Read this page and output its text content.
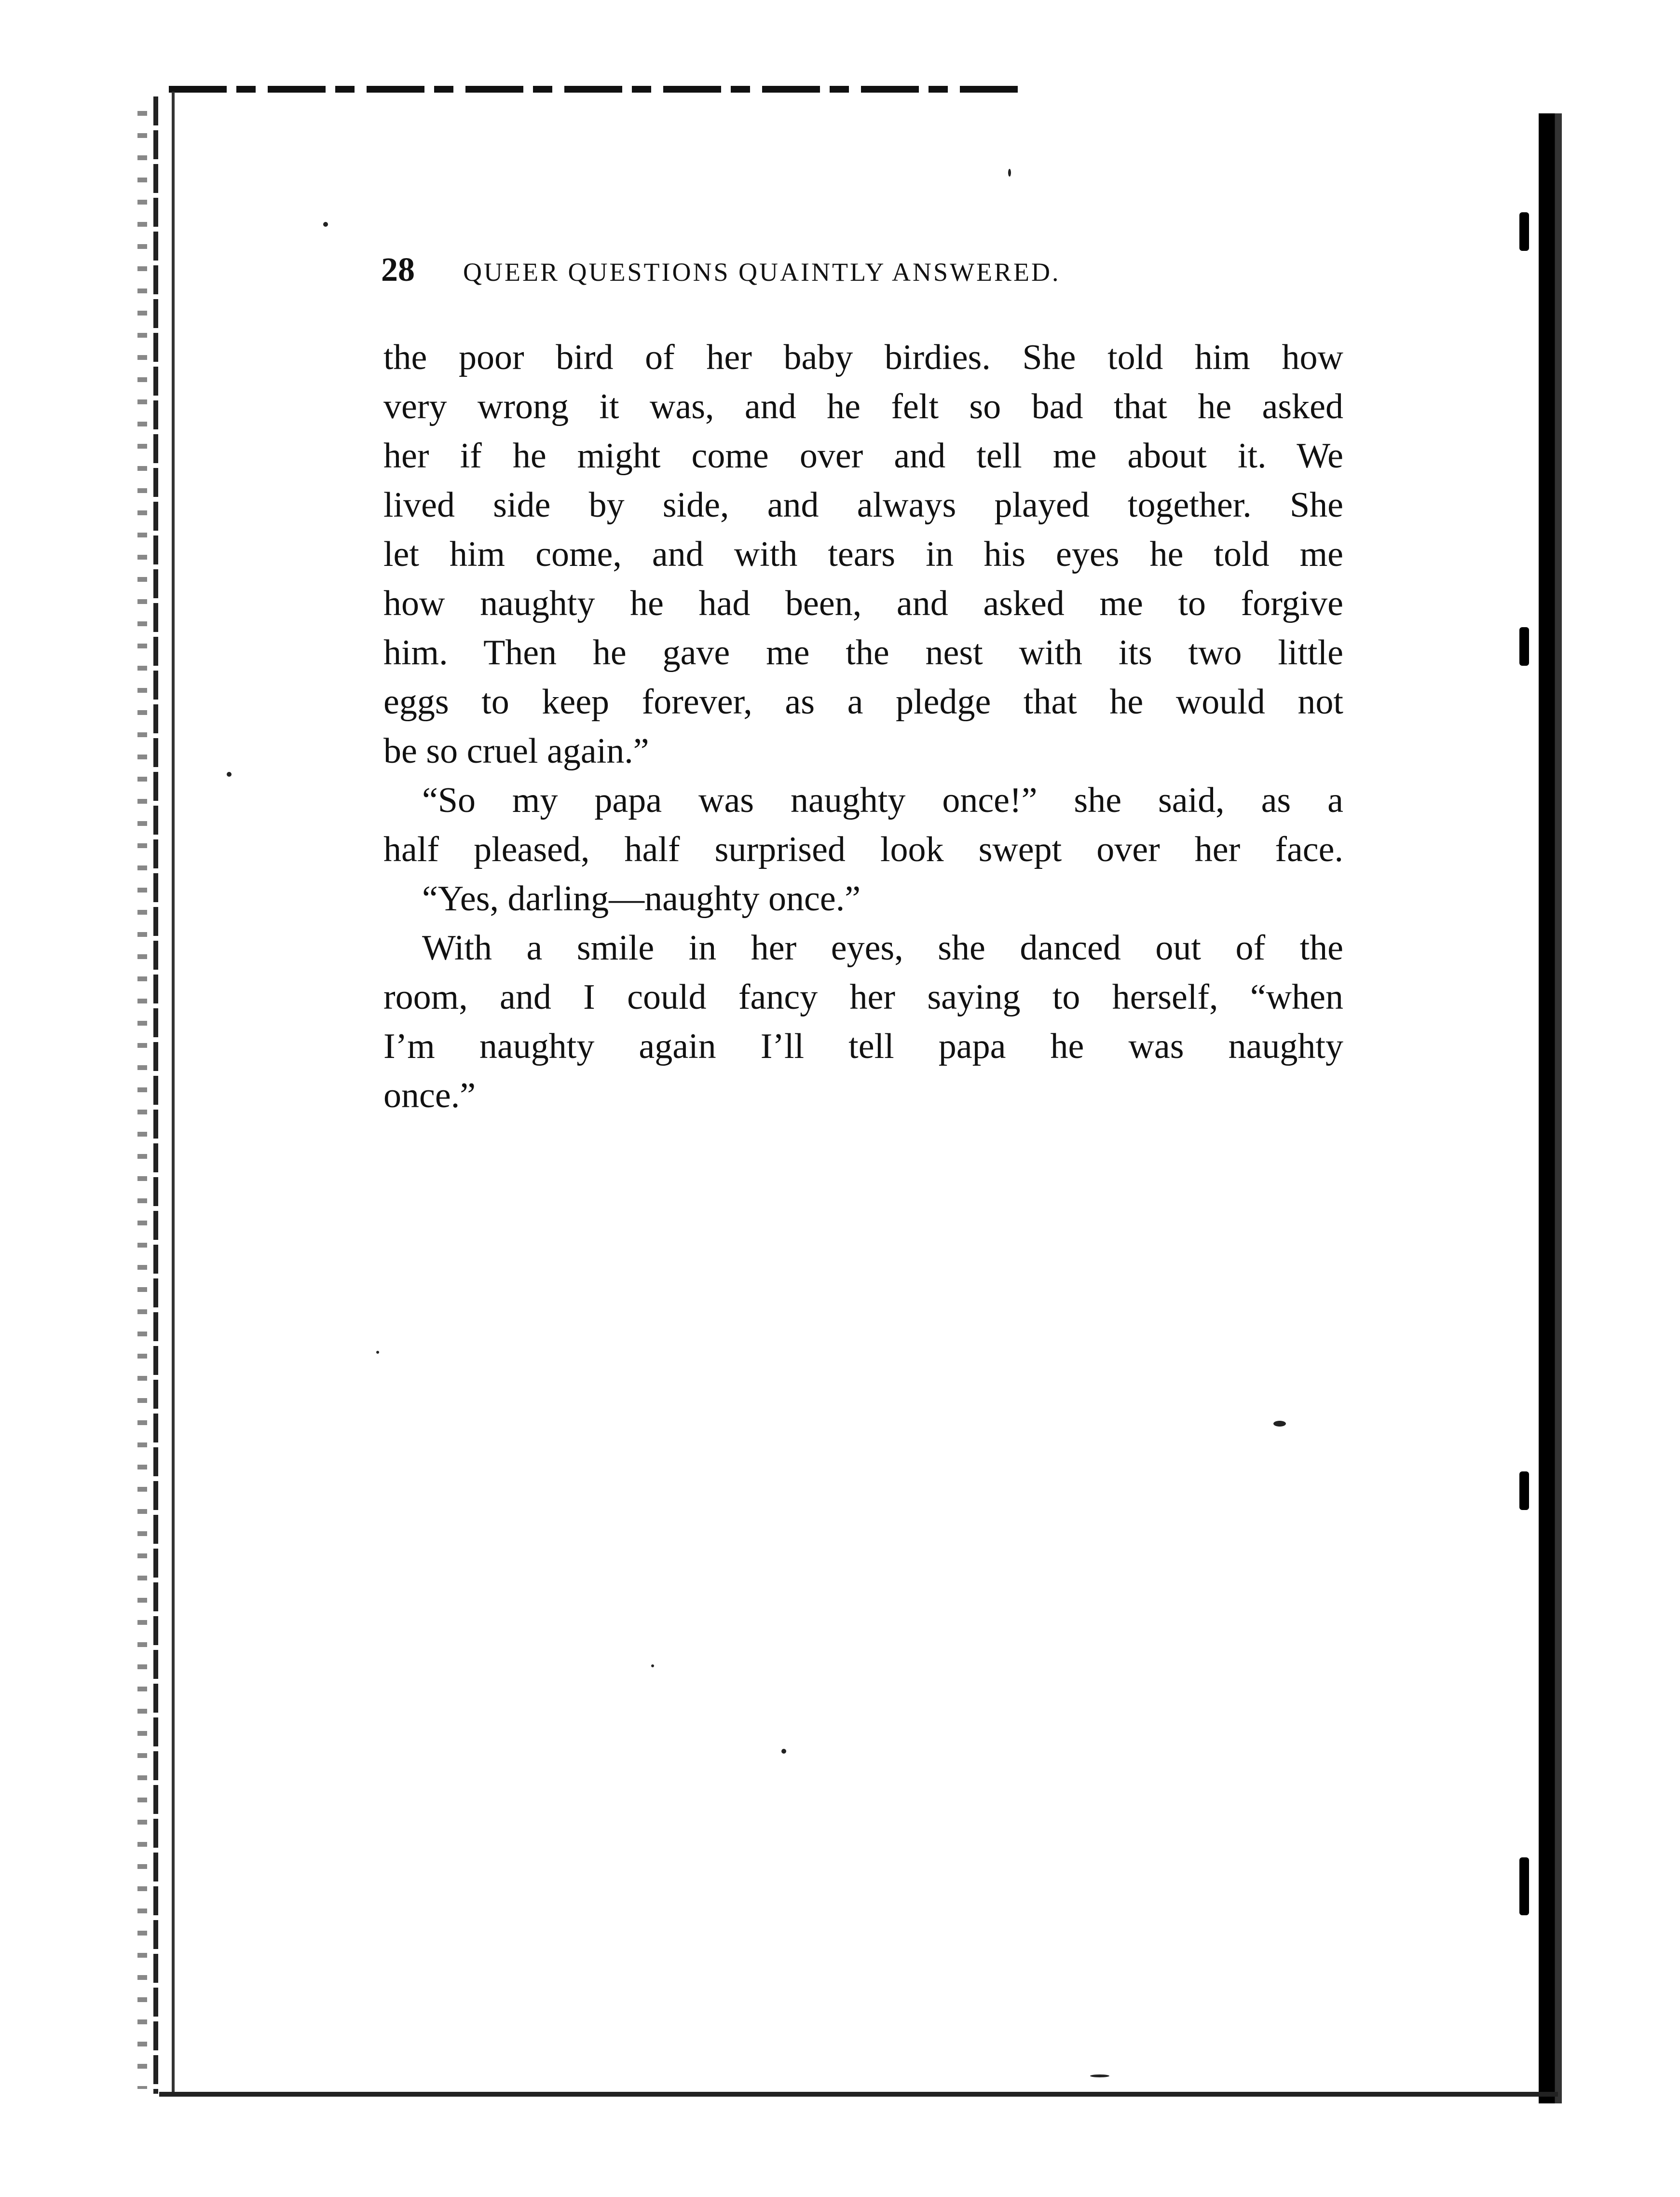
28 QUEER QUESTIONS QUAINTLY ANSWERED.
the poor bird of her baby birdies. She told him how
very wrong it was, and he felt so bad that he asked
her if he might come over and tell me about it. We
lived side by side, and always played together. She
let him come, and with tears in his eyes he told me
how naughty he had been, and asked me to forgive
him. Then he gave me the nest with its two little
eggs to keep forever, as a pledge that he would not
be so cruel again.”
“So my papa was naughty once!” she said, as a
half pleased, half surprised look swept over her face.
“Yes, darling—naughty once.”
With a smile in her eyes, she danced out of the
room, and I could fancy her saying to herself, “when
I’m naughty again I’ll tell papa he was naughty
once.”
